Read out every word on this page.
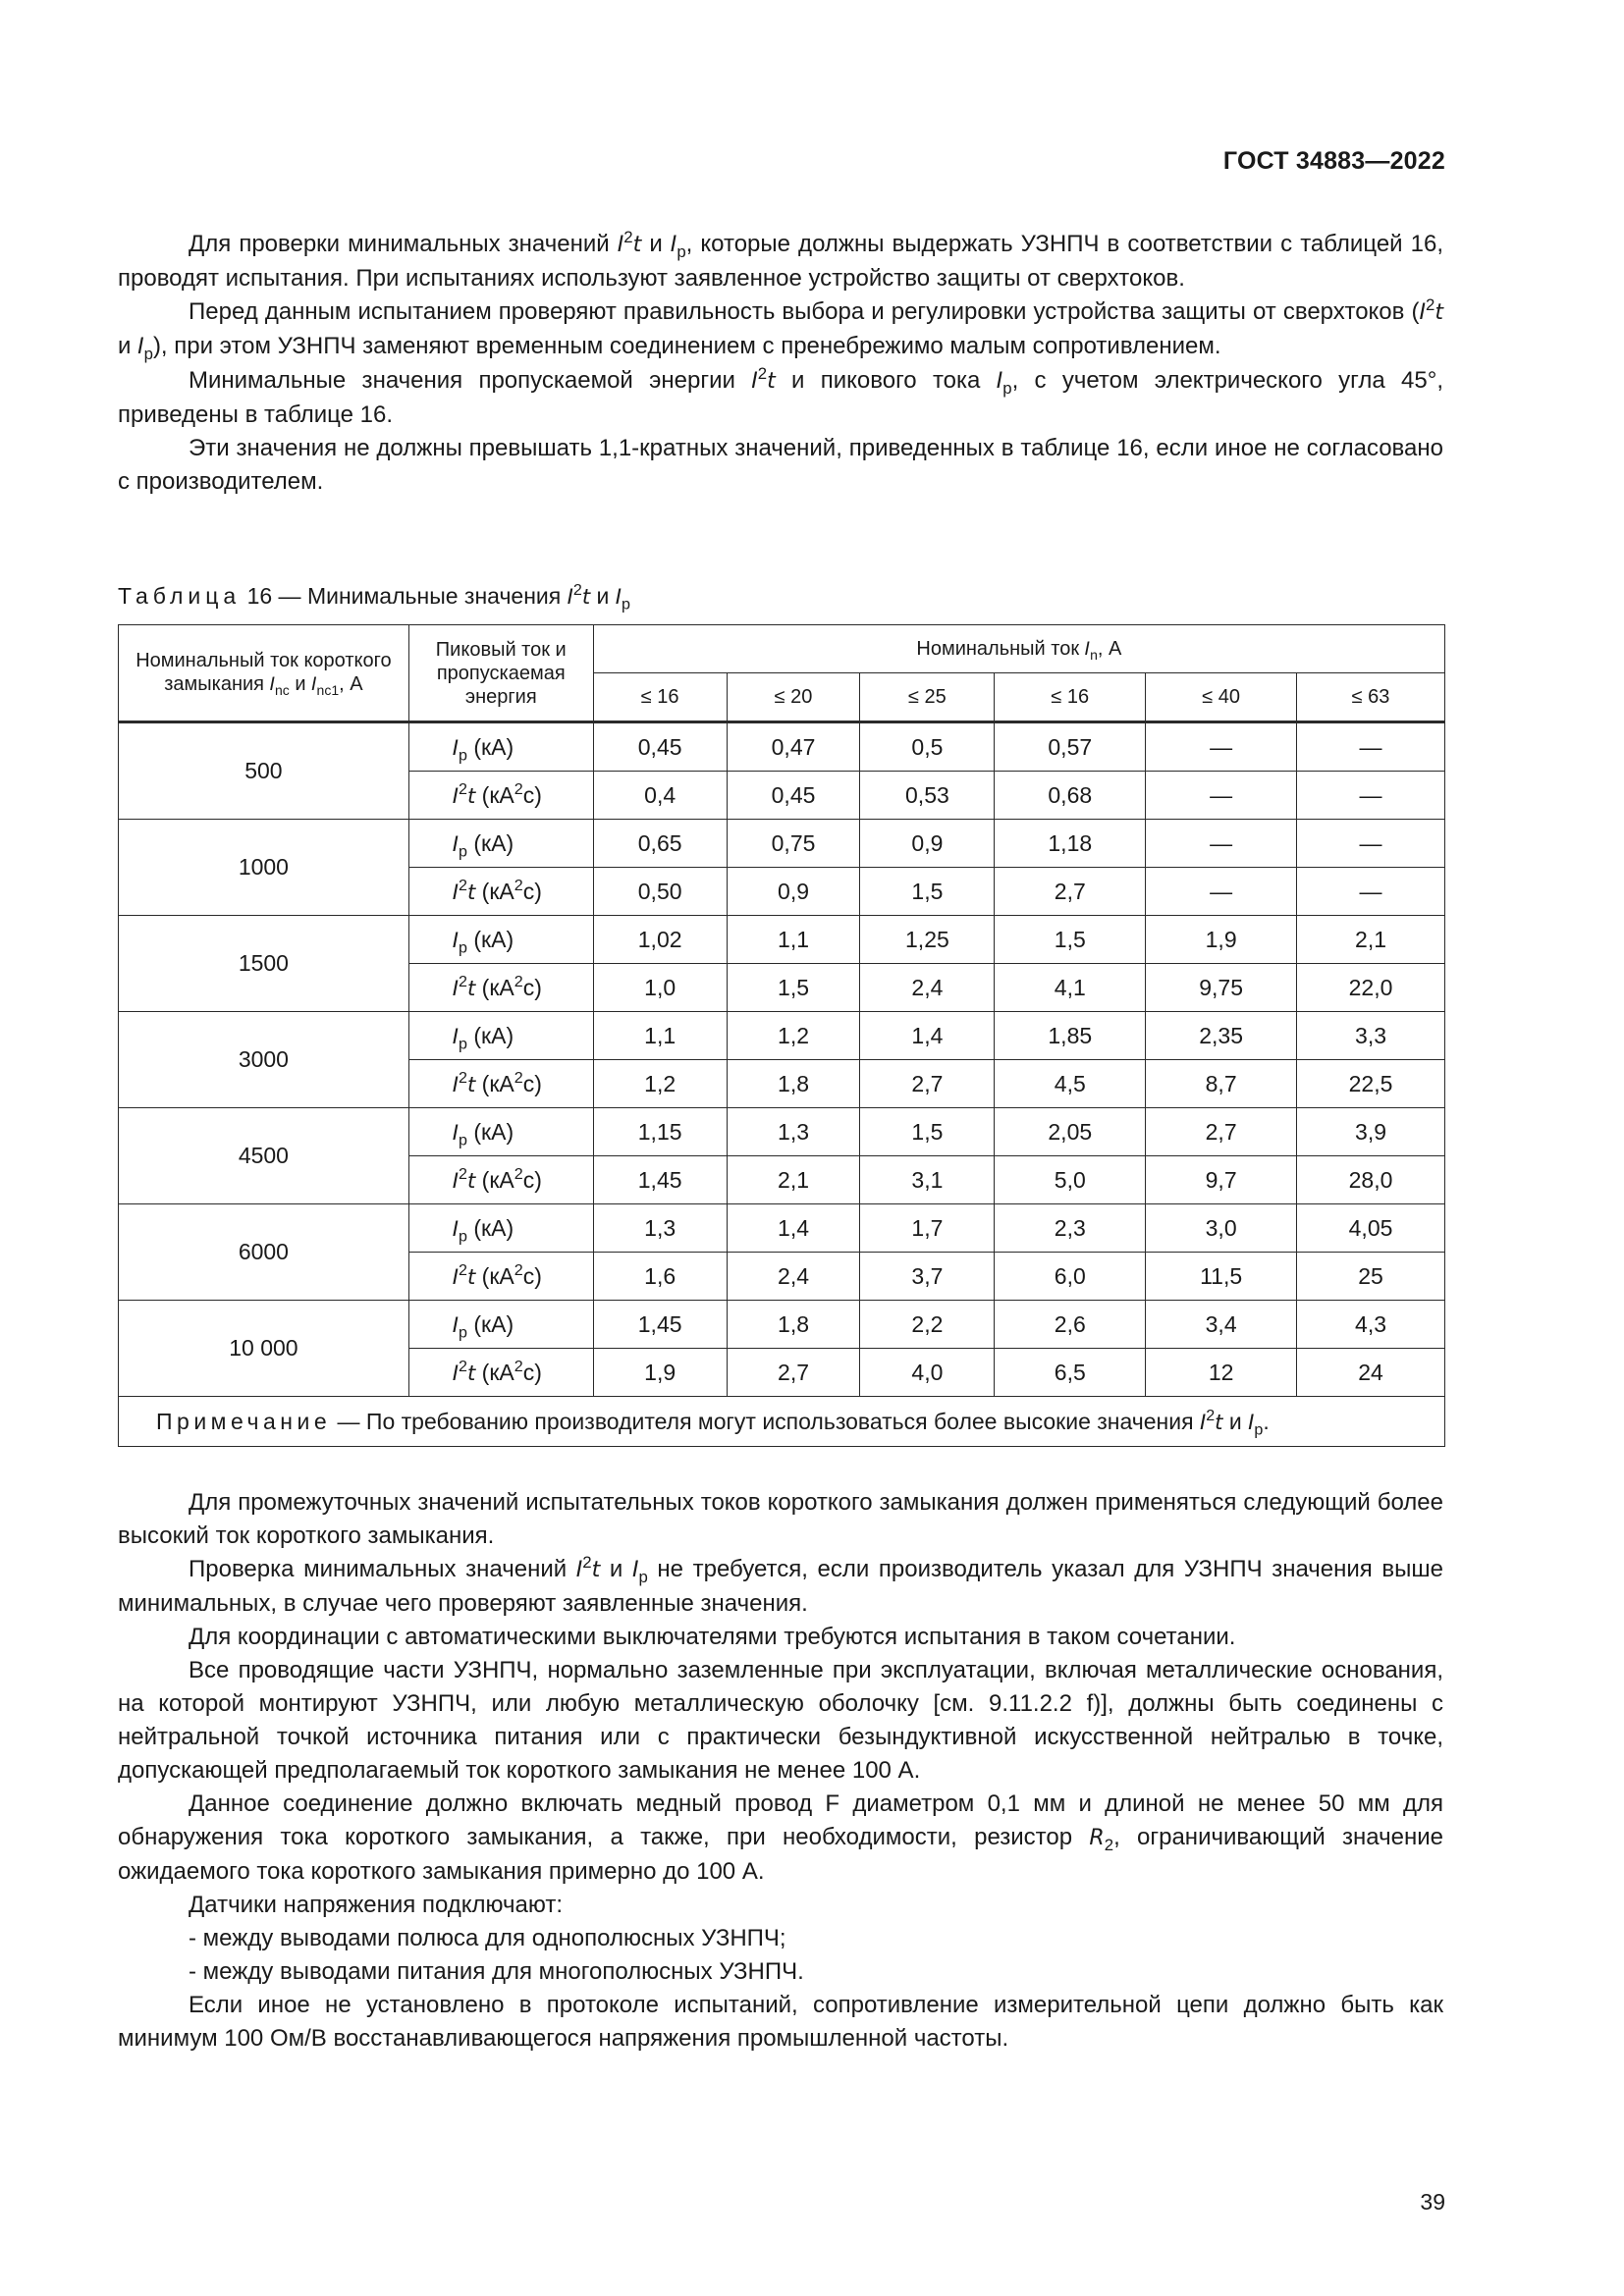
ГОСТ 34883—2022

Для проверки минимальных значений $I^2t$ и $I_p$, которые должны выдержать УЗНПЧ в соответствии с таблицей 16, проводят испытания. При испытаниях используют заявленное устройство защиты от сверхтоков.

Перед данным испытанием проверяют правильность выбора и регулировки устройства защиты от сверхтоков ($I^2t$ и $I_p$), при этом УЗНПЧ заменяют временным соединением с пренебрежимо малым сопротивлением.

Минимальные значения пропускаемой энергии $I^2t$ и пикового тока $I_p$, с учетом электрического угла 45°, приведены в таблице 16.

Эти значения не должны превышать 1,1-кратных значений, приведенных в таблице 16, если иное не согласовано с производителем.

Таблица 16 — Минимальные значения $I^2t$ и $I_p$
Номинальный ток короткого замыкания $I_{nc}$ и $I_{nc1}$, А	Пиковый ток и пропускаемая энергия	Номинальный ток $I_n$, А					
		≤ 16	≤ 20	≤ 25	≤ 16	≤ 40	≤ 63
500	$I_p$ (кА)	0,45	0,47	0,5	0,57	—	—
	$I^2t$ $(кА^2с)$	0,4	0,45	0,53	0,68	—	—
1000	$I_p$ (кА)	0,65	0,75	0,9	1,18	—	—
	$I^2t$ $(кА^2с)$	0,50	0,9	1,5	2,7	—	—
1500	$I_p$ (кА)	1,02	1,1	1,25	1,5	1,9	2,1
	$I^2t$ $(кА^2с)$	1,0	1,5	2,4	4,1	9,75	22,0
3000	$I_p$ (кА)	1,1	1,2	1,4	1,85	2,35	3,3
	$I^2t$ $(кА^2с)$	1,2	1,8	2,7	4,5	8,7	22,5
4500	$I_p$ (кА)	1,15	1,3	1,5	2,05	2,7	3,9
	$I^2t$ $(кА^2с)$	1,45	2,1	3,1	5,0	9,7	28,0
6000	$I_p$ (кА)	1,3	1,4	1,7	2,3	3,0	4,05
	$I^2t$ $(кА^2с)$	1,6	2,4	3,7	6,0	11,5	25
10 000	$I_p$ (кА)	1,45	1,8	2,2	2,6	3,4	4,3
	$I^2t$ $(кА^2с)$	1,9	2,7	4,0	6,5	12	24
Примечание — По требованию производителя могут использоваться более высокие значения $I^2t$ и $I_p$.							

Для промежуточных значений испытательных токов короткого замыкания должен применяться следующий более высокий ток короткого замыкания.

Проверка минимальных значений $I^2t$ и $I_p$ не требуется, если производитель указал для УЗНПЧ значения выше минимальных, в случае чего проверяют заявленные значения.

Для координации с автоматическими выключателями требуются испытания в таком сочетании.

Все проводящие части УЗНПЧ, нормально заземленные при эксплуатации, включая металлические основания, на которой монтируют УЗНПЧ, или любую металлическую оболочку [см. 9.11.2.2 f)], должны быть соединены с нейтральной точкой источника питания или с практически безындуктивной искусственной нейтралью в точке, допускающей предполагаемый ток короткого замыкания не менее 100 А.

Данное соединение должно включать медный провод F диаметром 0,1 мм и длиной не менее 50 мм для обнаружения тока короткого замыкания, а также, при необходимости, резистор $R_2$, ограничивающий значение ожидаемого тока короткого замыкания примерно до 100 А.

Датчики напряжения подключают:

- между выводами полюса для однополюсных УЗНПЧ;

- между выводами питания для многополюсных УЗНПЧ.

Если иное не установлено в протоколе испытаний, сопротивление измерительной цепи должно быть как минимум 100 Ом/В восстанавливающегося напряжения промышленной частоты.

39
